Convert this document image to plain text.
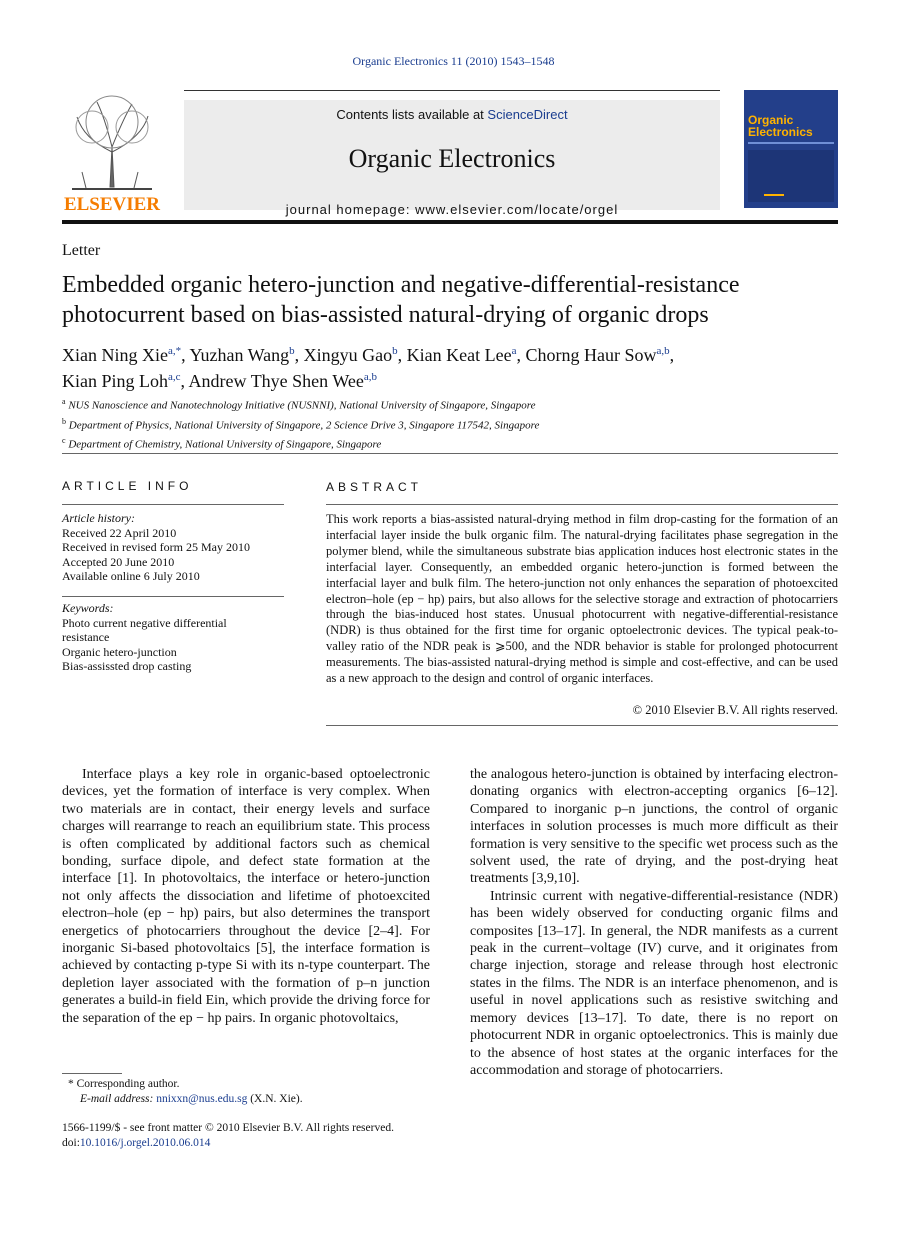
Organic Electronics 11 (2010) 1543–1548
ELSEVIER
Contents lists available at ScienceDirect
Organic Electronics
journal homepage: www.elsevier.com/locate/orgel
Organic
Electronics
Letter
Embedded organic hetero-junction and negative-differential-resistance
photocurrent based on bias-assisted natural-drying of organic drops
Xian Ning Xie$^{a,*}$, Yuzhan Wang$^b$, Xingyu Gao$^b$, Kian Keat Lee$^a$, Chorng Haur Sow$^{a,b}$,
Kian Ping Loh$^{a,c}$, Andrew Thye Shen Wee$^{a,b}$
$^a$ NUS Nanoscience and Nanotechnology Initiative (NUSNNI), National University of Singapore, Singapore
$^b$ Department of Physics, National University of Singapore, 2 Science Drive 3, Singapore 117542, Singapore
$^c$ Department of Chemistry, National University of Singapore, Singapore
ARTICLE INFO
Article history:
Received 22 April 2010
Received in revised form 25 May 2010
Accepted 20 June 2010
Available online 6 July 2010
Keywords:
Photo current negative differential
resistance
Organic hetero-junction
Bias-assissted drop casting
ABSTRACT
This work reports a bias-assisted natural-drying method in film drop-casting for the formation of an interfacial layer inside the bulk organic film. The natural-drying facilitates phase segregation in the polymer blend, while the simultaneous substrate bias application induces host electronic states in the interfacial layer. Consequently, an embedded organic hetero-junction is formed between the interfacial layer and bulk film. The hetero-junction not only enhances the separation of photoexcited electron–hole (ep − hp) pairs, but also allows for the selective storage and extraction of photocarriers through the bias-induced host states. Unusual photocurrent with negative-differential-resistance (NDR) is thus obtained for the first time for organic optoelectronic devices. The typical peak-to-valley ratio of the NDR peak is ⩾500, and the NDR behavior is stable for prolonged photocurrent measurements. The bias-assisted natural-drying method is simple and cost-effective, and can be used as a new approach to the design and control of organic interfaces.
© 2010 Elsevier B.V. All rights reserved.

Interface plays a key role in organic-based optoelectronic devices, yet the formation of interface is very complex. When two materials are in contact, their energy levels and surface charges will rearrange to reach an equilibrium state. This process is often complicated by additional factors such as chemical bonding, surface dipole, and defect state formation at the interface [1]. In photovoltaics, the interface or hetero-junction not only affects the dissociation and lifetime of photoexcited electron–hole (ep − hp) pairs, but also determines the transport energetics of photocarriers throughout the device [2–4]. For inorganic Si-based photovoltaics [5], the interface formation is achieved by contacting p-type Si with its n-type counterpart. The depletion layer associated with the formation of p–n junction generates a build-in field Ein, which provide the driving force for the separation of the ep − hp pairs. In organic photovoltaics,

the analogous hetero-junction is obtained by interfacing electron-donating organics with electron-accepting organics [6–12]. Compared to inorganic p–n junctions, the control of organic interfaces in solution processes is much more difficult as their formation is very sensitive to the specific wet process such as the solvent used, the rate of drying, and the post-drying heat treatments [3,9,10].

Intrinsic current with negative-differential-resistance (NDR) has been widely observed for conducting organic films and composites [13–17]. In general, the NDR manifests as a current peak in the current–voltage (IV) curve, and it originates from charge injection, storage and release through host electronic states in the films. The NDR is an interface phenomenon, and is useful in novel applications such as resistive switching and memory devices [13–17]. To date, there is no report on photocurrent NDR in organic optoelectronics. This is mainly due to the absence of host states at the organic interfaces for the accommodation and storage of photocarriers.

* Corresponding author.
E-mail address: nnixxn@nus.edu.sg (X.N. Xie).
1566-1199/$ - see front matter © 2010 Elsevier B.V. All rights reserved.
doi:10.1016/j.orgel.2010.06.014
